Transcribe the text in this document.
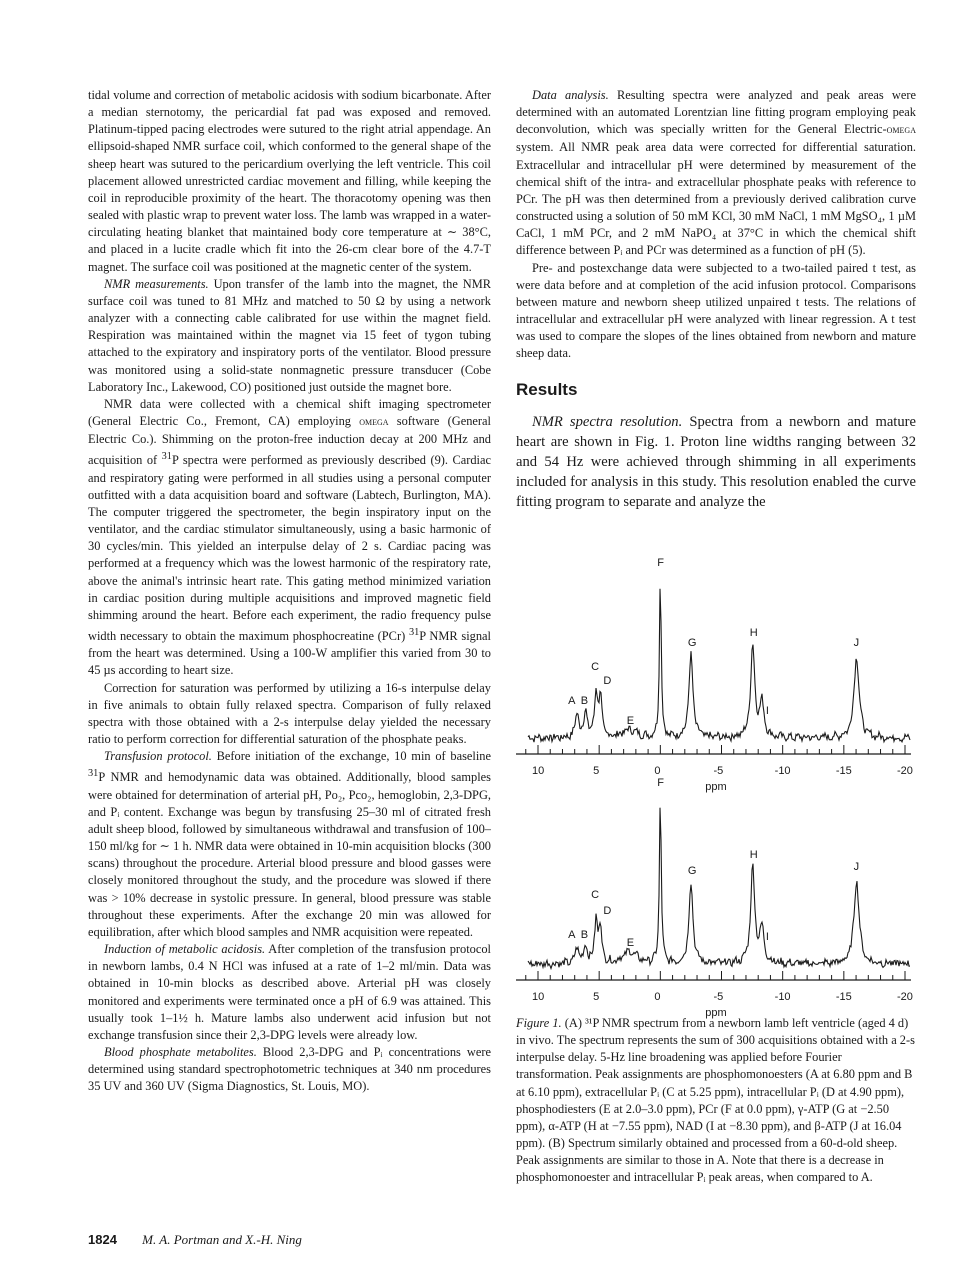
tidal volume and correction of metabolic acidosis with sodium bicarbonate. After a median sternotomy, the pericardial fat pad was exposed and removed. Platinum-tipped pacing electrodes were sutured to the right atrial appendage. An ellipsoid-shaped NMR surface coil, which conformed to the general shape of the sheep heart was sutured to the pericardium overlying the left ventricle. This coil placement allowed unrestricted cardiac movement and filling, while keeping the coil in reproducible proximity of the heart. The thoracotomy opening was then sealed with plastic wrap to prevent water loss. The lamb was wrapped in a water-circulating heating blanket that maintained body core temperature at ∼ 38°C, and placed in a lucite cradle which fit into the 26-cm clear bore of the 4.7-T magnet. The surface coil was positioned at the magnetic center of the system.

NMR measurements. Upon transfer of the lamb into the magnet, the NMR surface coil was tuned to 81 MHz and matched to 50 Ω by using a network analyzer with a connecting cable calibrated for use within the magnet field. Respiration was maintained within the magnet via 15 feet of tygon tubing attached to the expiratory and inspiratory ports of the ventilator. Blood pressure was monitored using a solid-state nonmagnetic pressure transducer (Cobe Laboratory Inc., Lakewood, CO) positioned just outside the magnet bore.

NMR data were collected with a chemical shift imaging spectrometer (General Electric Co., Fremont, CA) employing omega software (General Electric Co.). Shimming on the proton-free induction decay at 200 MHz and acquisition of $^{31}$P spectra were performed as previously described (9). Cardiac and respiratory gating were performed in all studies using a personal computer outfitted with a data acquisition board and software (Labtech, Burlington, MA). The computer triggered the spectrometer, the begin inspiratory input on the ventilator, and the cardiac stimulator simultaneously, using a basic harmonic of 30 cycles/min. This yielded an interpulse delay of 2 s. Cardiac pacing was performed at a frequency which was the lowest harmonic of the respiratory rate, above the animal's intrinsic heart rate. This gating method minimized variation in cardiac position during multiple acquisitions and improved magnetic field shimming around the heart. Before each experiment, the radio frequency pulse width necessary to obtain the maximum phosphocreatine (PCr) $^{31}$P NMR signal from the heart was determined. Using a 100-W amplifier this varied from 30 to 45 µs according to heart size.

Correction for saturation was performed by utilizing a 16-s interpulse delay in five animals to obtain fully relaxed spectra. Comparison of fully relaxed spectra with those obtained with a 2-s interpulse delay yielded the necessary ratio to perform correction for differential saturation of the phosphate peaks.

Transfusion protocol. Before initiation of the exchange, 10 min of baseline $^{31}$P NMR and hemodynamic data was obtained. Additionally, blood samples were obtained for determination of arterial pH, Po₂, Pco₂, hemoglobin, 2,3-DPG, and Pᵢ content. Exchange was begun by transfusing 25–30 ml of citrated fresh adult sheep blood, followed by simultaneous withdrawal and transfusion of 100–150 ml/kg for ∼ 1 h. NMR data were obtained in 10-min acquisition blocks (300 scans) throughout the procedure. Arterial blood pressure and blood gasses were closely monitored throughout the study, and the procedure was slowed if there was > 10% decrease in systolic pressure. In general, blood pressure was stable throughout these experiments. After the exchange 20 min was allowed for equilibration, after which blood samples and NMR acquisition were repeated.

Induction of metabolic acidosis. After completion of the transfusion protocol in newborn lambs, 0.4 N HCl was infused at a rate of 1–2 ml/min. Data was obtained in 10-min blocks as described above. Arterial pH was closely monitored and experiments were terminated once a pH of 6.9 was attained. This usually took 1–1½ h. Mature lambs also underwent acid infusion but not exchange transfusion since their 2,3-DPG levels were already low.

Blood phosphate metabolites. Blood 2,3-DPG and Pᵢ concentrations were determined using standard spectrophotometric techniques at 340 nm procedures 35 UV and 360 UV (Sigma Diagnostics, St. Louis, MO).

Data analysis. Resulting spectra were analyzed and peak areas were determined with an automated Lorentzian line fitting program employing peak deconvolution, which was specially written for the General Electric-omega system. All NMR peak area data were corrected for differential saturation. Extracellular and intracellular pH were determined by measurement of the chemical shift of the intra- and extracellular phosphate peaks with reference to PCr. The pH was then determined from a previously derived calibration curve constructed using a solution of 50 mM KCl, 30 mM NaCl, 1 mM MgSO₄, 1 µM CaCl, 1 mM PCr, and 2 mM NaPO₄ at 37°C in which the chemical shift difference between Pᵢ and PCr was determined as a function of pH (5).

Pre- and postexchange data were subjected to a two-tailed paired t test, as were data before and at completion of the acid infusion protocol. Comparisons between mature and newborn sheep utilized unpaired t tests. The relations of intracellular and extracellular pH were analyzed with linear regression. A t test was used to compare the slopes of the lines obtained from newborn and mature sheep data.

Results

NMR spectra resolution. Spectra from a newborn and mature heart are shown in Fig. 1. Proton line widths ranging between 32 and 54 Hz were achieved through shimming in all experiments included for analysis in this study. This resolution enabled the curve fitting program to separate and analyze the

10	5	0	-5	-10	-15	-20
ppm
A B
C
D
E
F
G
H
I
J
10	5	0	-5	-10	-15	-20
ppm
A B
C
D
E
F
G
H
I
J

Figure 1. (A) ³¹P NMR spectrum from a newborn lamb left ventricle (aged 4 d) in vivo. The spectrum represents the sum of 300 acquisitions obtained with a 2-s interpulse delay. 5-Hz line broadening was applied before Fourier transformation. Peak assignments are phosphomonoesters (A at 6.80 ppm and B at 6.10 ppm), extracellular Pᵢ (C at 5.25 ppm), intracellular Pᵢ (D at 4.90 ppm), phosphodiesters (E at 2.0–3.0 ppm), PCr (F at 0.0 ppm), γ-ATP (G at −2.50 ppm), α-ATP (H at −7.55 ppm), NAD (I at −8.30 ppm), and β-ATP (J at 16.04 ppm). (B) Spectrum similarly obtained and processed from a 60-d-old sheep. Peak assignments are similar to those in A. Note that there is a decrease in phosphomonoester and intracellular Pᵢ peak areas, when compared to A.

1824 M. A. Portman and X.-H. Ning
